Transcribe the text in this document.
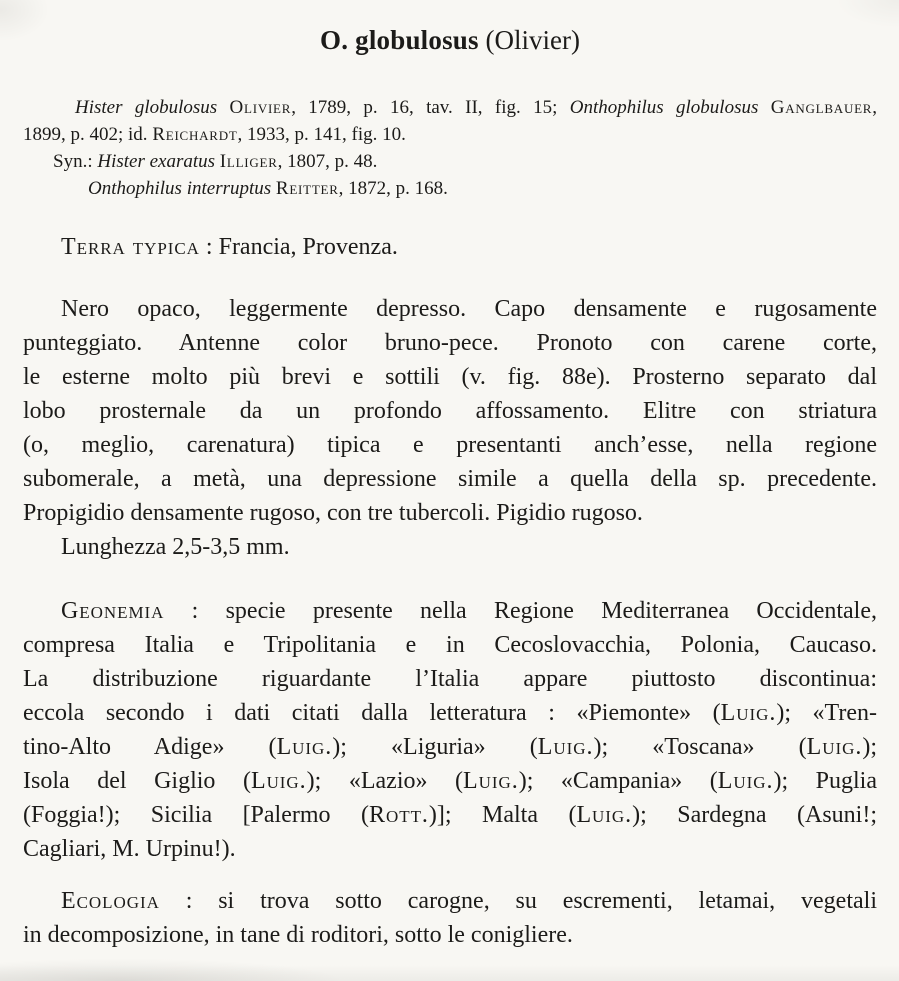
O. globulosus (Olivier)
Hister globulosus Olivier, 1789, p. 16, tav. II, fig. 15; Onthophilus globulosus Ganglbauer,
1899, p. 402; id. Reichardt, 1933, p. 141, fig. 10.
Syn.: Hister exaratus Illiger, 1807, p. 48.
Onthophilus interruptus Reitter, 1872, p. 168.
Terra typica : Francia, Provenza.
Nero opaco, leggermente depresso. Capo densamente e rugosamente
punteggiato. Antenne color bruno-pece. Pronoto con carene corte,
le esterne molto più brevi e sottili (v. fig. 88e). Prosterno separato dal
lobo prosternale da un profondo affossamento. Elitre con striatura
(o, meglio, carenatura) tipica e presentanti anch’esse, nella regione
subomerale, a metà, una depressione simile a quella della sp. precedente.
Propigidio densamente rugoso, con tre tubercoli. Pigidio rugoso.
Lunghezza 2,5-3,5 mm.
Geonemia : specie presente nella Regione Mediterranea Occidentale,
compresa Italia e Tripolitania e in Cecoslovacchia, Polonia, Caucaso.
La distribuzione riguardante l’Italia appare piuttosto discontinua:
eccola secondo i dati citati dalla letteratura : «Piemonte» (Luig.); «Tren-
tino-Alto Adige» (Luig.); «Liguria» (Luig.); «Toscana» (Luig.);
Isola del Giglio (Luig.); «Lazio» (Luig.); «Campania» (Luig.); Puglia
(Foggia!); Sicilia [Palermo (Rott.)]; Malta (Luig.); Sardegna (Asuni!;
Cagliari, M. Urpinu!).
Ecologia : si trova sotto carogne, su escrementi, letamai, vegetali
in decomposizione, in tane di roditori, sotto le conigliere.
